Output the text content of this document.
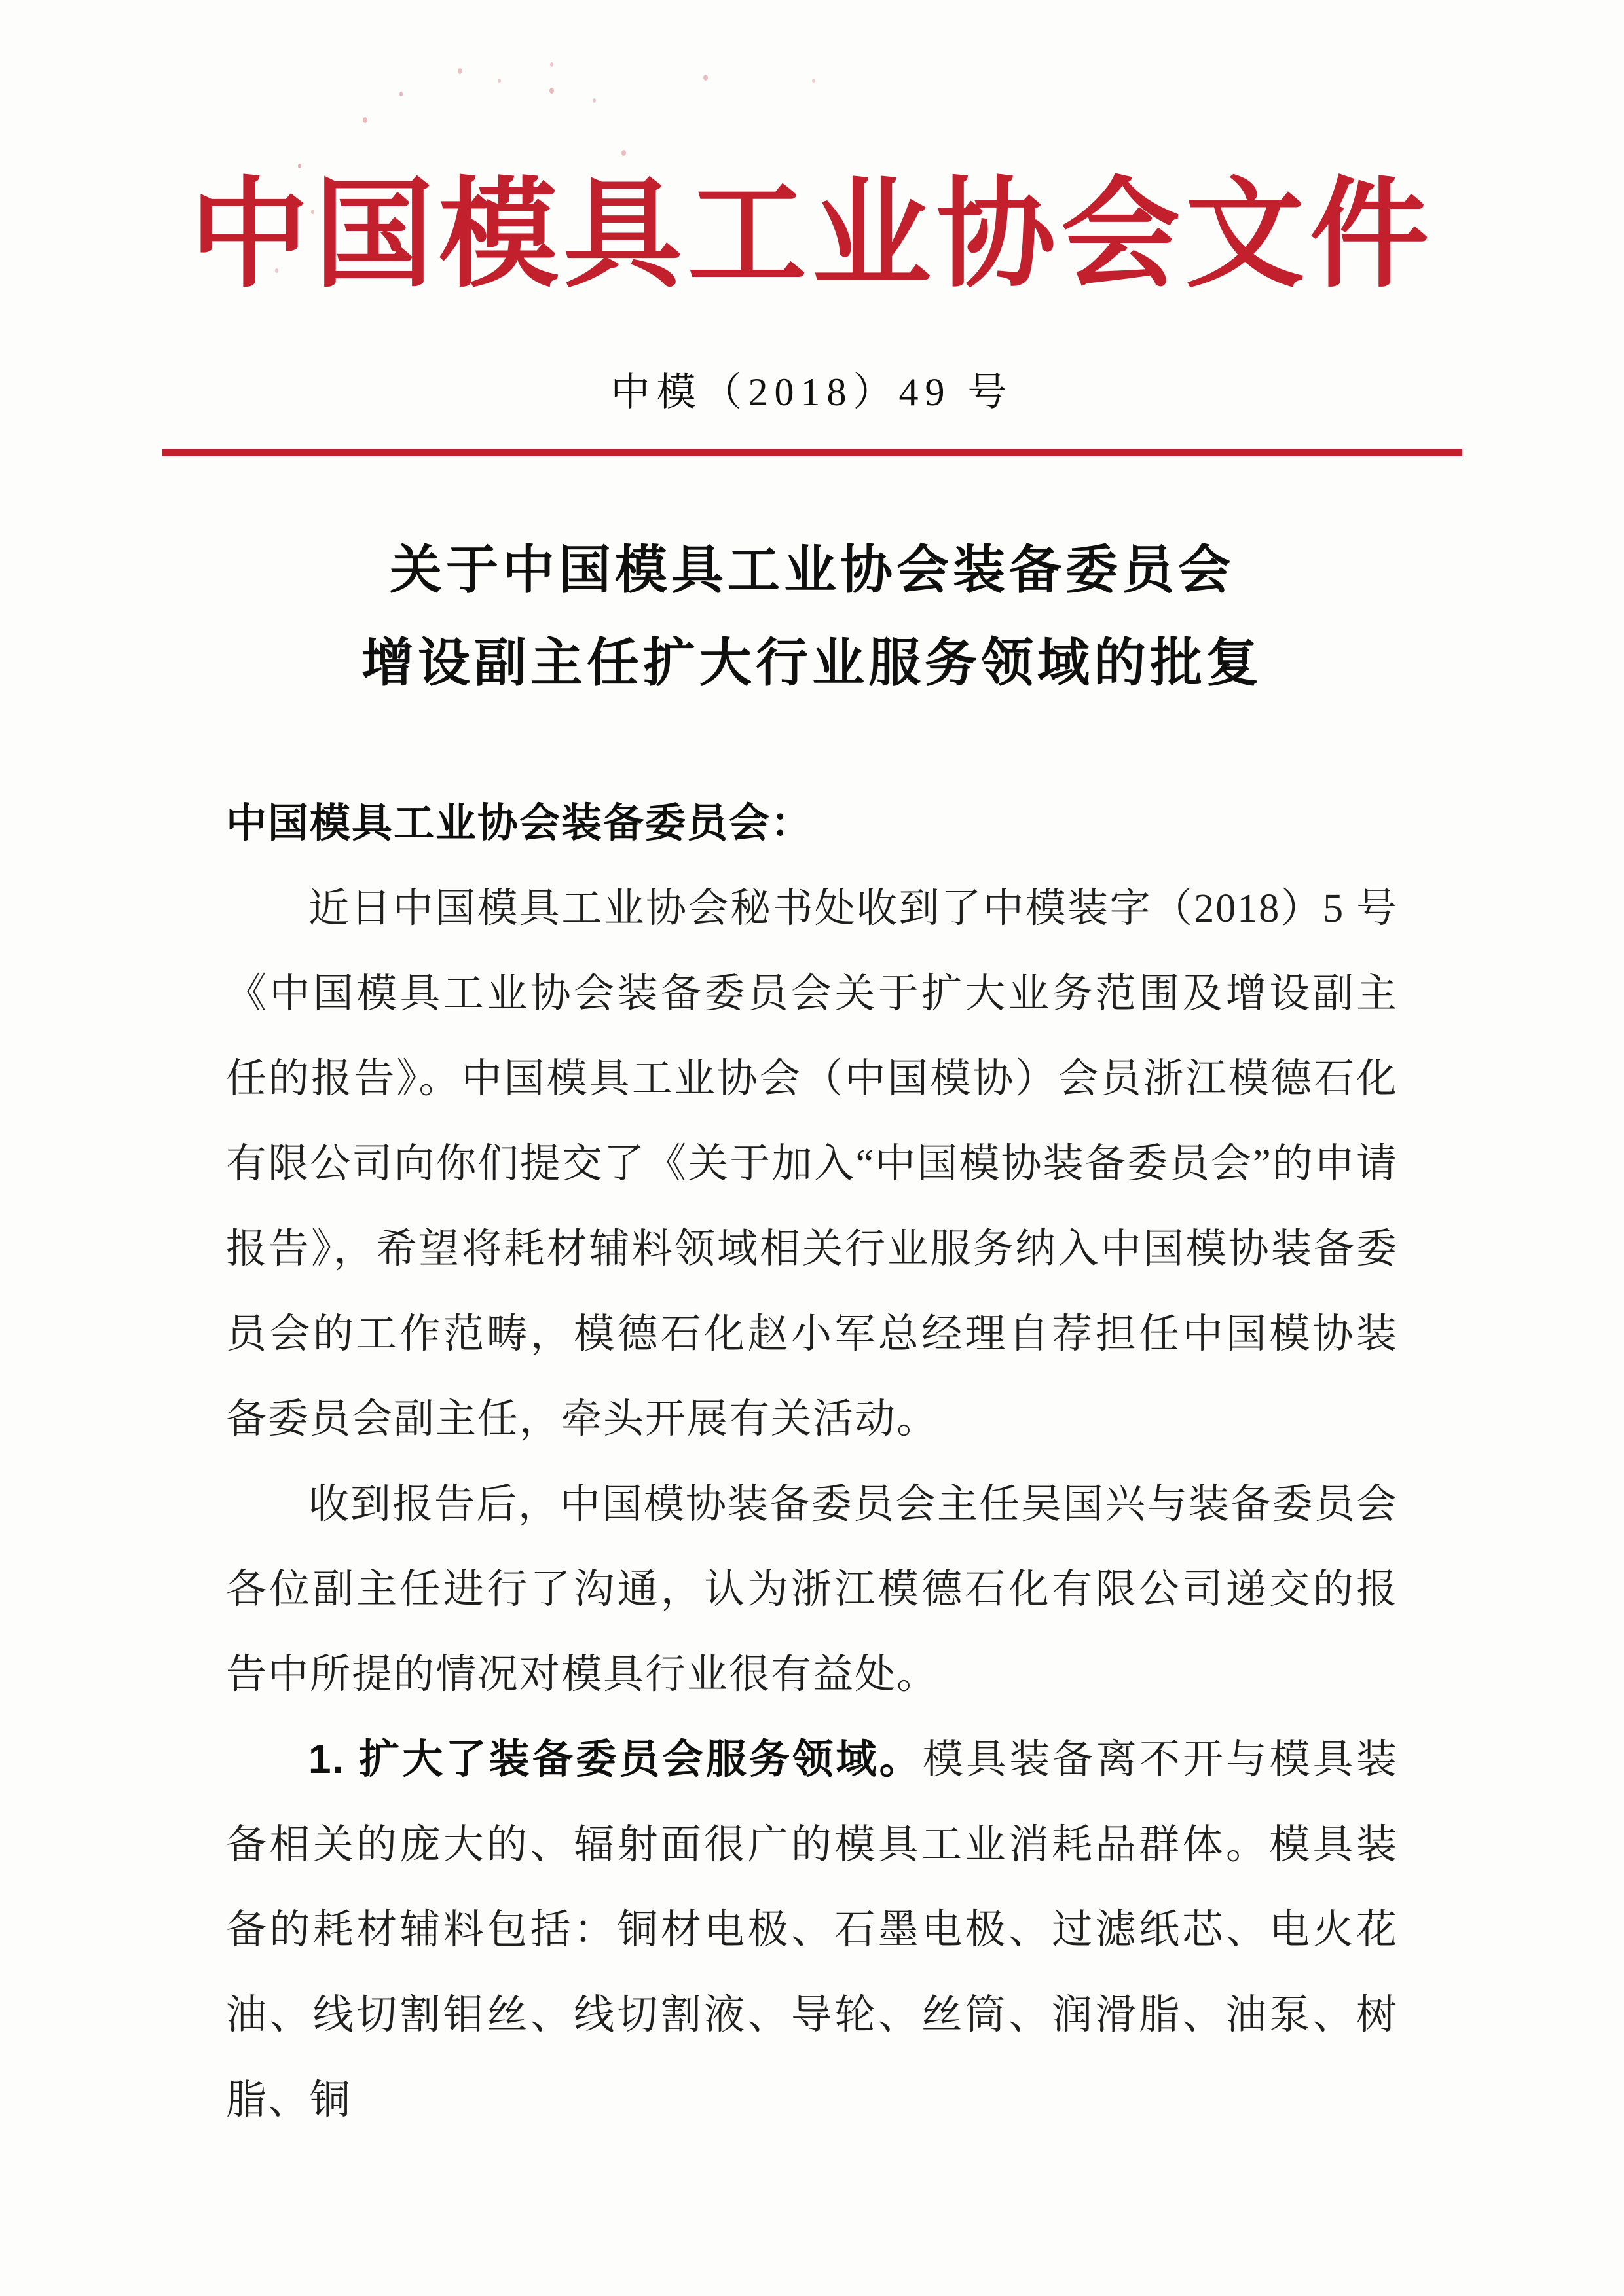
中国模具工业协会文件
中模（2018）49 号
关于中国模具工业协会装备委员会
增设副主任扩大行业服务领域的批复
中国模具工业协会装备委员会：

近日中国模具工业协会秘书处收到了中模装字（2018）5 号《中国模具工业协会装备委员会关于扩大业务范围及增设副主任的报告》。中国模具工业协会（中国模协）会员浙江模德石化有限公司向你们提交了《关于加入“中国模协装备委员会”的申请报告》，希望将耗材辅料领域相关行业服务纳入中国模协装备委员会的工作范畴，模德石化赵小军总经理自荐担任中国模协装备委员会副主任，牵头开展有关活动。

收到报告后，中国模协装备委员会主任吴国兴与装备委员会各位副主任进行了沟通，认为浙江模德石化有限公司递交的报告中所提的情况对模具行业很有益处。

1. 扩大了装备委员会服务领域。模具装备离不开与模具装备相关的庞大的、辐射面很广的模具工业消耗品群体。模具装备的耗材辅料包括：铜材电极、石墨电极、过滤纸芯、电火花油、线切割钼丝、线切割液、导轮、丝筒、润滑脂、油泵、树脂、铜
